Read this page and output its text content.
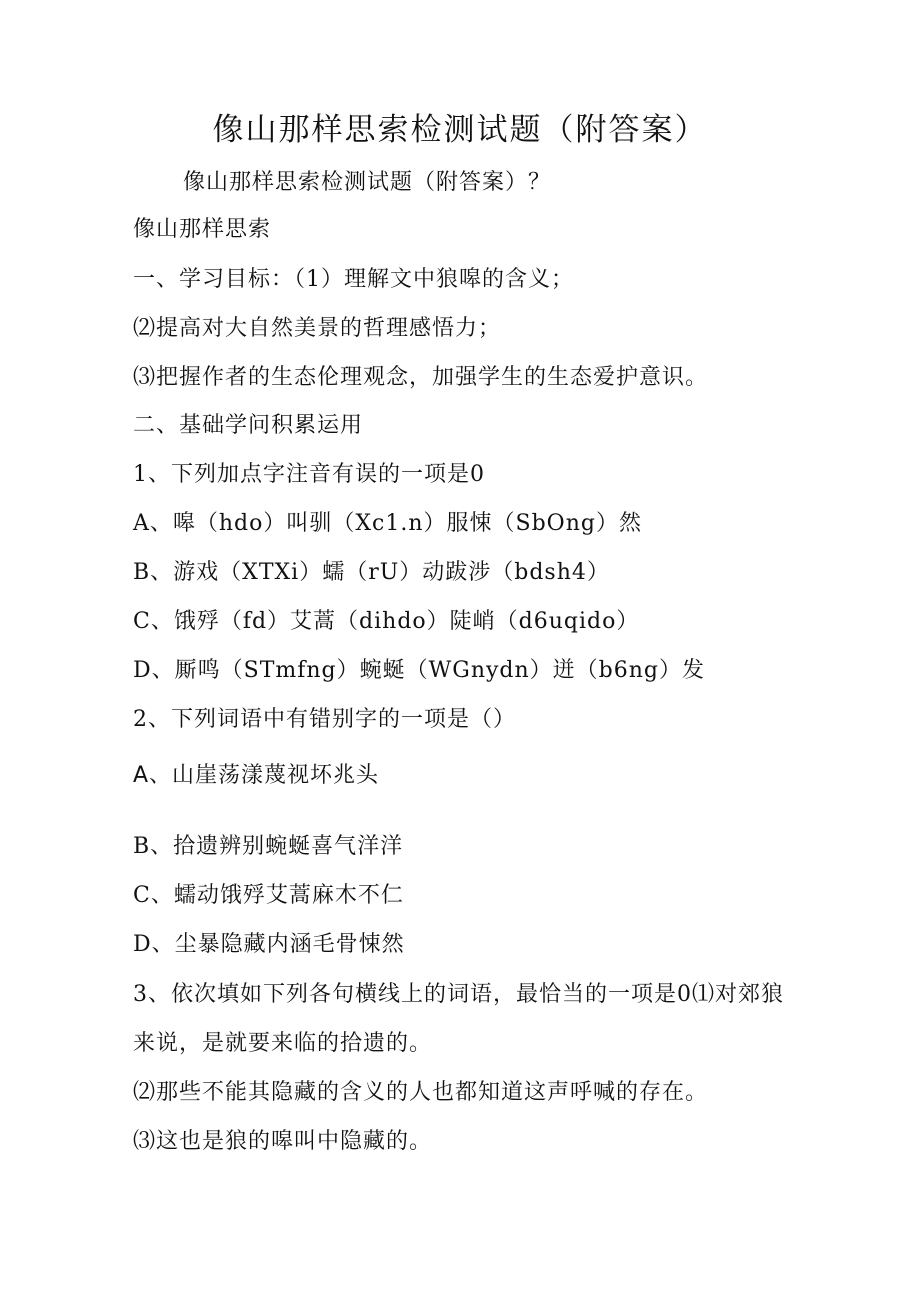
像山那样思索检测试题（附答案）
像山那样思索检测试题（附答案）？
像山那样思索
一、学习目标：（1）理解文中狼嗥的含义；
⑵提高对大自然美景的哲理感悟力；
⑶把握作者的生态伦理观念，加强学生的生态爱护意识。
二、基础学问积累运用
1、下列加点字注音有误的一项是0
A、嗥（hdo）叫驯（Xc1.n）服悚（SbOng）然
B、游戏（XTXi）蠕（rU）动跋涉（bdsh4）
C、饿殍（fd）艾蒿（dihdo）陡峭（d6uqido）
D、厮鸣（STmfng）蜿蜒（WGnydn）迸（b6ng）发
2、下列词语中有错别字的一项是（）
A、山崖荡漾蔑视坏兆头
B、拾遗辨别蜿蜒喜气洋洋
C、蠕动饿殍艾蒿麻木不仁
D、尘暴隐藏内涵毛骨悚然
3、依次填如下列各句横线上的词语，最恰当的一项是0⑴对郊狼
来说，是就要来临的拾遗的。
⑵那些不能其隐藏的含义的人也都知道这声呼喊的存在。
⑶这也是狼的嗥叫中隐藏的。
